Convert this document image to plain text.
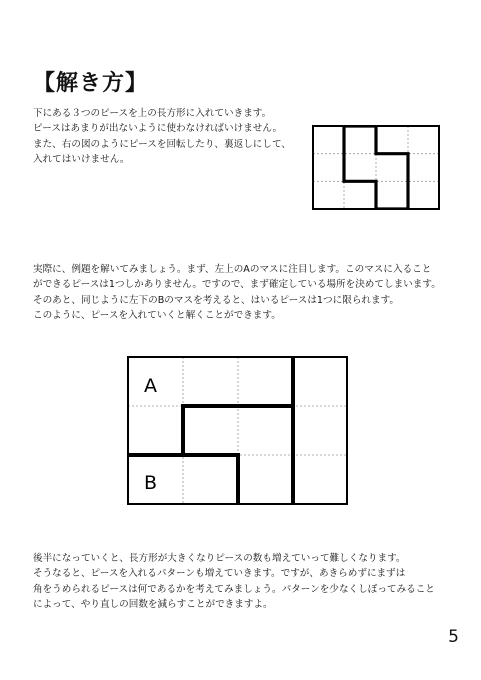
【解き方】
下にある３つのピースを上の長方形に入れていきます。
ピースはあまりが出ないように使わなければいけません。
また、右の図のようにピースを回転したり、裏返しにして、
入れてはいけません。
実際に、例題を解いてみましょう。まず、左上のAのマスに注目します。このマスに入ること
ができるピースは1つしかありません。ですので、まず確定している場所を決めてしまいます。
そのあと、同じように左下のBのマスを考えると、はいるピースは1つに限られます。
このように、ピースを入れていくと解くことができます。
A
B
後半になっていくと、長方形が大きくなりピースの数も増えていって難しくなります。
そうなると、ピースを入れるパターンも増えていきます。ですが、あきらめずにまずは
角をうめられるピースは何であるかを考えてみましょう。パターンを少なくしぼってみること
によって、やり直しの回数を減らすことができますよ。
5
